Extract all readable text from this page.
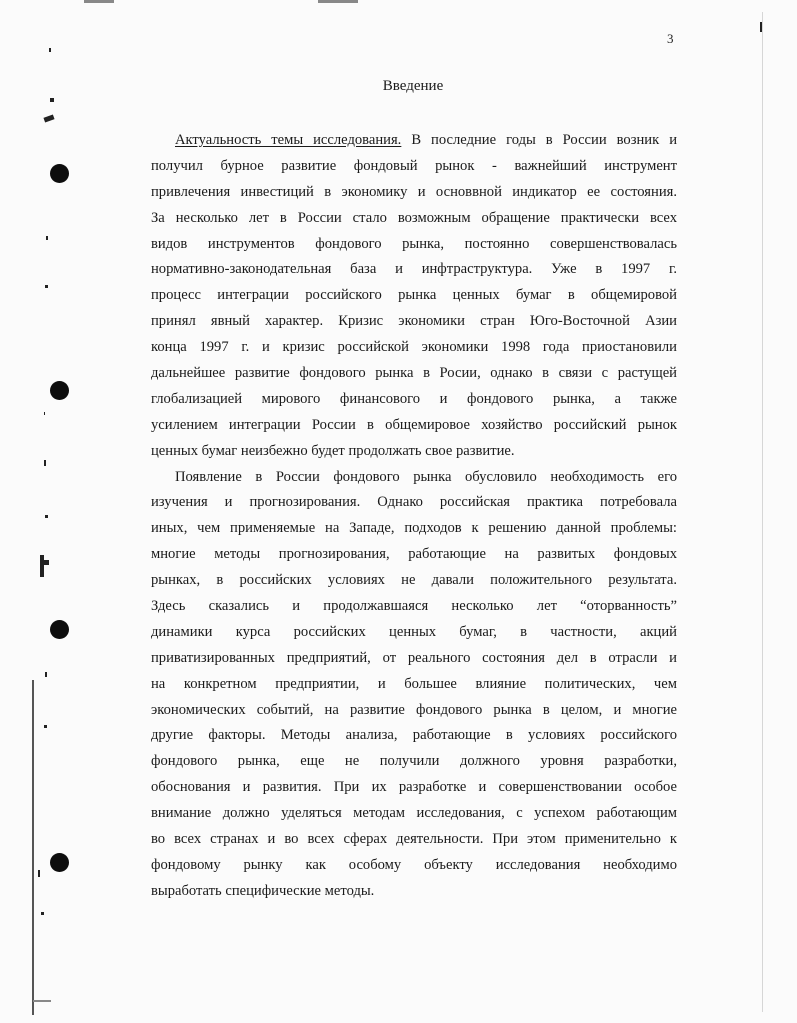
3
Введение
Актуальность темы исследования. В последние годы в России возник и
получил бурное развитие фондовый рынок - важнейший инструмент
привлечения инвестиций в экономику и основвной индикатор ее состояния.
За несколько лет в России стало возможным обращение практически всех
видов инструментов фондового рынка, постоянно совершенствовалась
нормативно-законодательная база и инфтраструктура. Уже в 1997 г.
процесс интеграции российского рынка ценных бумаг в общемировой
принял явный характер. Кризис экономики стран Юго-Восточной Азии
конца 1997 г. и кризис российской экономики 1998 года приостановили
дальнейшее развитие фондового рынка в Росии, однако в связи с растущей
глобализацией мирового финансового и фондового рынка, а также
усилением интеграции России в общемировое хозяйство российский рынок
ценных бумаг неизбежно будет продолжать свое развитие.
Появление в России фондового рынка обусловило необходимость его
изучения и прогнозирования. Однако российская практика потребовала
иных, чем применяемые на Западе, подходов к решению данной проблемы:
многие методы прогнозирования, работающие на развитых фондовых
рынках, в российских условиях не давали положительного результата.
Здесь сказались и продолжавшаяся несколько лет “оторванность”
динамики курса российских ценных бумаг, в частности, акций
приватизированных предприятий, от реального состояния дел в отрасли и
на конкретном предприятии, и большее влияние политических, чем
экономических событий, на развитие фондового рынка в целом, и многие
другие факторы. Методы анализа, работающие в условиях российского
фондового рынка, еще не получили должного уровня разработки,
обоснования и развития. При их разработке и совершенствовании особое
внимание должно уделяться методам исследования, с успехом работающим
во всех странах и во всех сферах деятельности. При этом применительно к
фондовому рынку как особому объекту исследования необходимо
выработать специфические методы.
